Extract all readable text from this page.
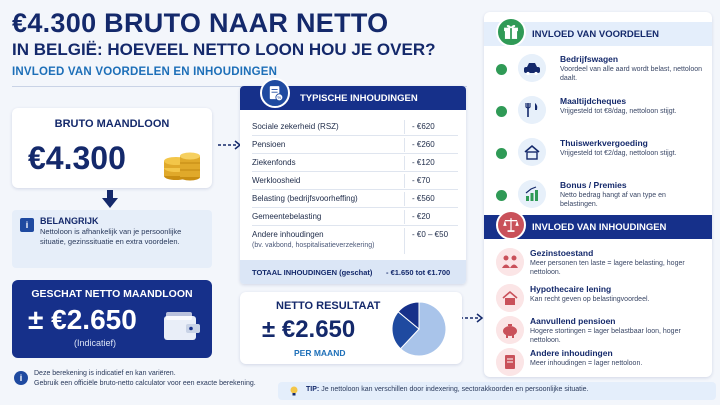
€4.300 BRUTO NAAR NETTO
IN BELGIË: HOEVEEL NETTO LOON HOU JE OVER?
INVLOED VAN VOORDELEN EN INHOUDINGEN
BRUTO MAANDLOON
€4.300
i	BELANGRIJK
Nettoloon is afhankelijk van je persoonlijke situatie, gezinssituatie en extra voordelen.
GESCHAT NETTO MAANDLOON
± €2.650
(Indicatief)
i	Deze berekening is indicatief en kan variëren.
Gebruik een officiële bruto-netto calculator voor een exacte berekening.
TYPISCHE INHOUDINGEN
%
Sociale zekerheid (RSZ)	- €620
Pensioen	- €260
Ziekenfonds	- €120
Werkloosheid	- €70
Belasting (bedrijfsvoorheffing)	- €560
Gemeentebelasting	- €20
Andere inhoudingen
(bv. vakbond, hospitalisatieverzekering)
- €0 – €50
TOTAAL INHOUDINGEN (geschat) - €1.650 tot €1.700
NETTO RESULTAAT
± €2.650
PER MAAND
INVLOED VAN VOORDELEN
Bedrijfswagen
Voordeel van alle aard wordt belast, nettoloon daalt.
Maaltijdcheques
Vrijgesteld tot €8/dag, nettoloon stijgt.
Thuiswerkvergoeding
Vrijgesteld tot €2/dag, nettoloon stijgt.
Bonus / Premies
Netto bedrag hangt af van type en belastingen.
INVLOED VAN INHOUDINGEN
Gezinstoestand
Meer personen ten laste = lagere belasting, hoger nettoloon.
Hypothecaire lening
Kan recht geven op belastingvoordeel.
Aanvullend pensioen
Hogere stortingen = lager belastbaar loon, hoger nettoloon.
Andere inhoudingen
Meer inhoudingen = lager nettoloon.
TIP: Je nettoloon kan verschillen door indexering, sectorakkoorden en persoonlijke situatie.
